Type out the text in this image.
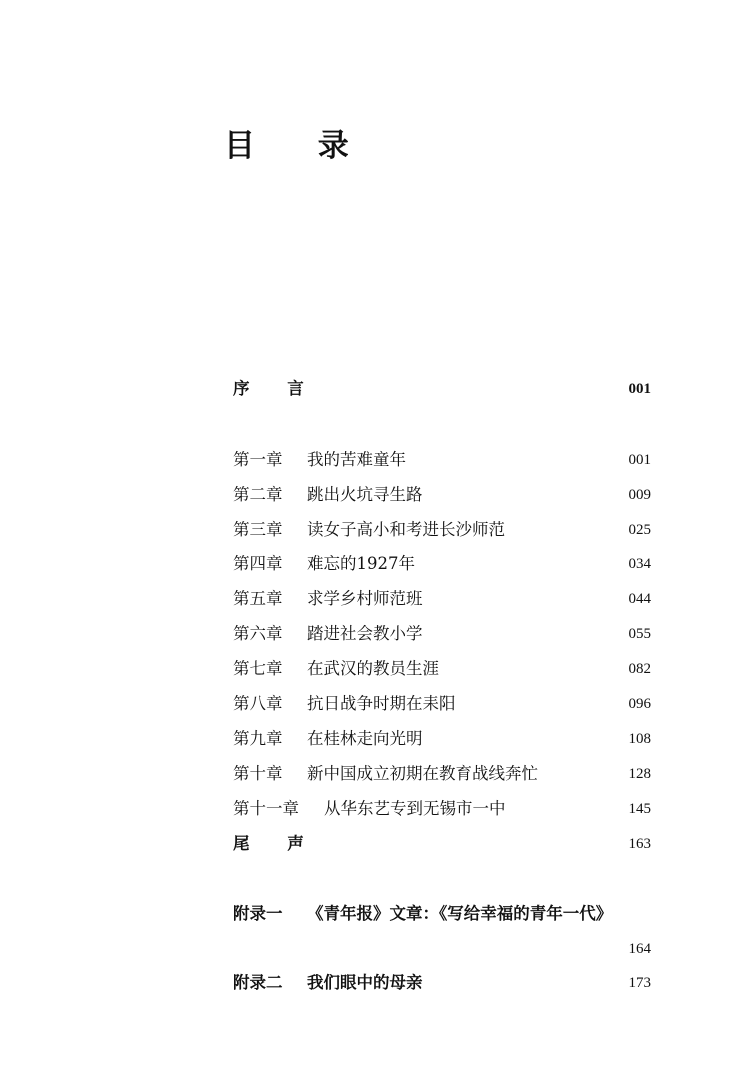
目 录
序 言	001
第一章 我的苦难童年	001
第二章 跳出火坑寻生路	009
第三章 读女子高小和考进长沙师范	025
第四章 难忘的1927年	034
第五章 求学乡村师范班	044
第六章 踏进社会教小学	055
第七章 在武汉的教员生涯	082
第八章 抗日战争时期在耒阳	096
第九章 在桂林走向光明	108
第十章 新中国成立初期在教育战线奔忙	128
第十一章 从华东艺专到无锡市一中	145
尾 声	163
附录一 《青年报》文章：《写给幸福的青年一代》
164
附录二 我们眼中的母亲	173
